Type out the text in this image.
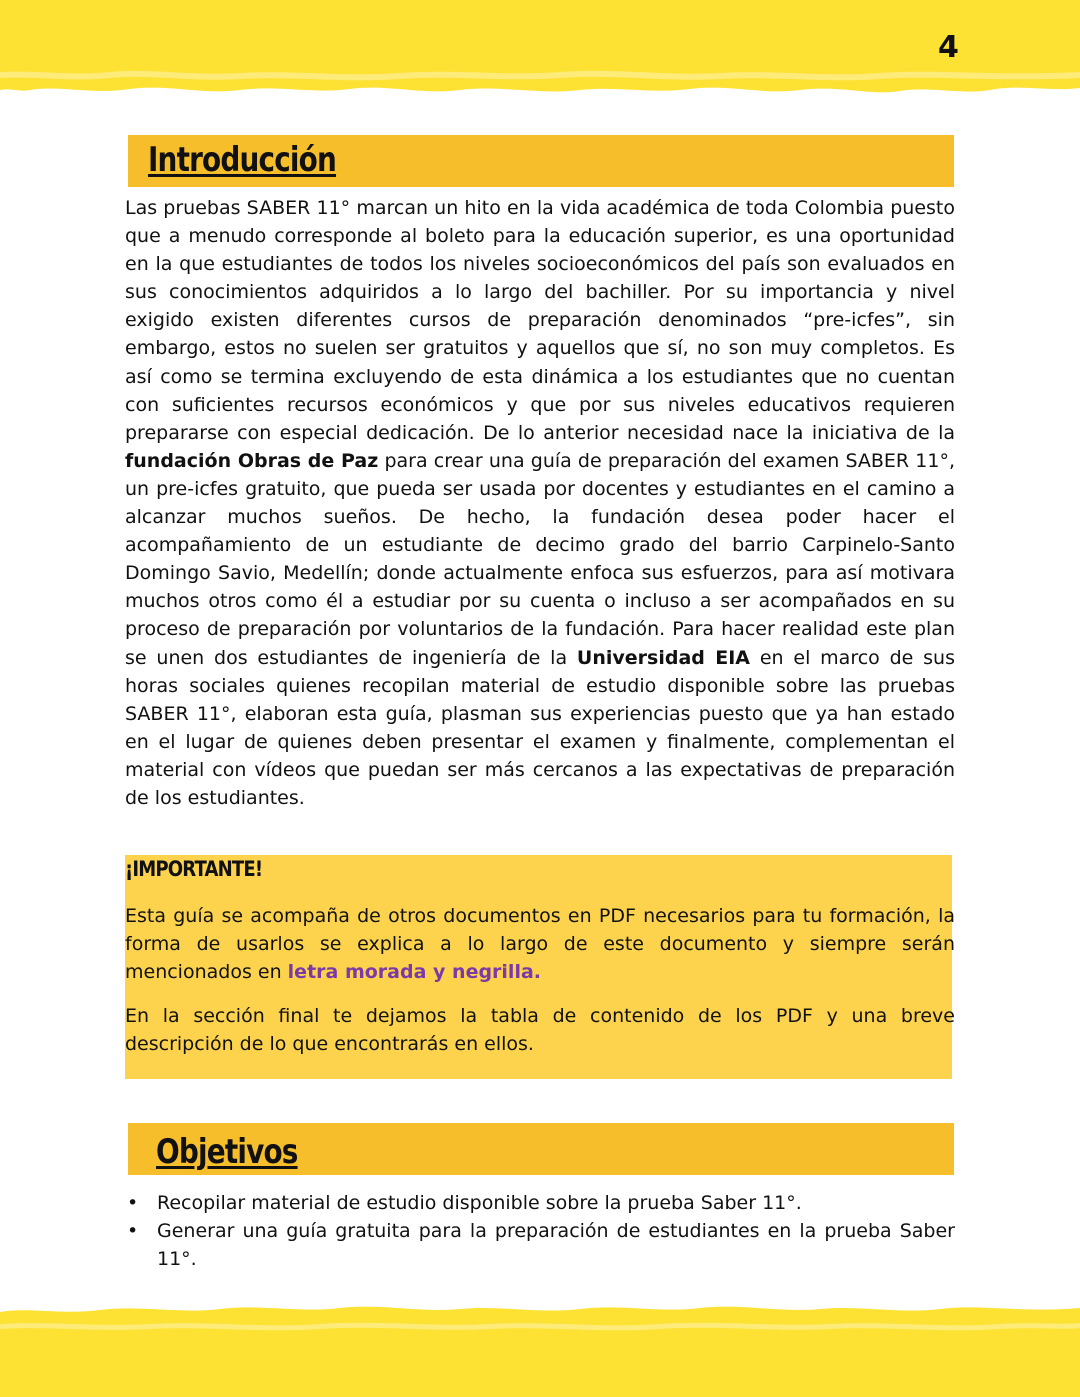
4
Introducción
Las pruebas SABER 11° marcan un hito en la vida académica de toda Colombia puesto que a menudo corresponde al boleto para la educación superior, es una oportunidad en la que estudiantes de todos los niveles socioeconómicos del país son evaluados en sus conocimientos adquiridos a lo largo del bachiller. Por su importancia y nivel exigido existen diferentes cursos de preparación denominados “pre-icfes”, sin embargo, estos no suelen ser gratuitos y aquellos que sí, no son muy completos. Es así como se termina excluyendo de esta dinámica a los estudiantes que no cuentan con suficientes recursos económicos y que por sus niveles educativos requieren prepararse con especial dedicación. De lo anterior necesidad nace la iniciativa de la fundación Obras de Paz para crear una guía de preparación del examen SABER 11°, un pre-icfes gratuito, que pueda ser usada por docentes y estudiantes en el camino a alcanzar muchos sueños. De hecho, la fundación desea poder hacer el acompañamiento de un estudiante de decimo grado del barrio Carpinelo-Santo Domingo Savio, Medellín; donde actualmente enfoca sus esfuerzos, para así motivara muchos otros como él a estudiar por su cuenta o incluso a ser acompañados en su proceso de preparación por voluntarios de la fundación. Para hacer realidad este plan se unen dos estudiantes de ingeniería de la Universidad EIA en el marco de sus horas sociales quienes recopilan material de estudio disponible sobre las pruebas SABER 11°, elaboran esta guía, plasman sus experiencias puesto que ya han estado en el lugar de quienes deben presentar el examen y finalmente, complementan el material con vídeos que puedan ser más cercanos a las expectativas de preparación de los estudiantes.
¡IMPORTANTE!
Esta guía se acompaña de otros documentos en PDF necesarios para tu formación, la forma de usarlos se explica a lo largo de este documento y siempre serán mencionados en letra morada y negrilla.
En la sección final te dejamos la tabla de contenido de los PDF y una breve descripción de lo que encontrarás en ellos.
Objetivos
• Recopilar material de estudio disponible sobre la prueba Saber 11°.
• Generar una guía gratuita para la preparación de estudiantes en la prueba Saber 11°.
